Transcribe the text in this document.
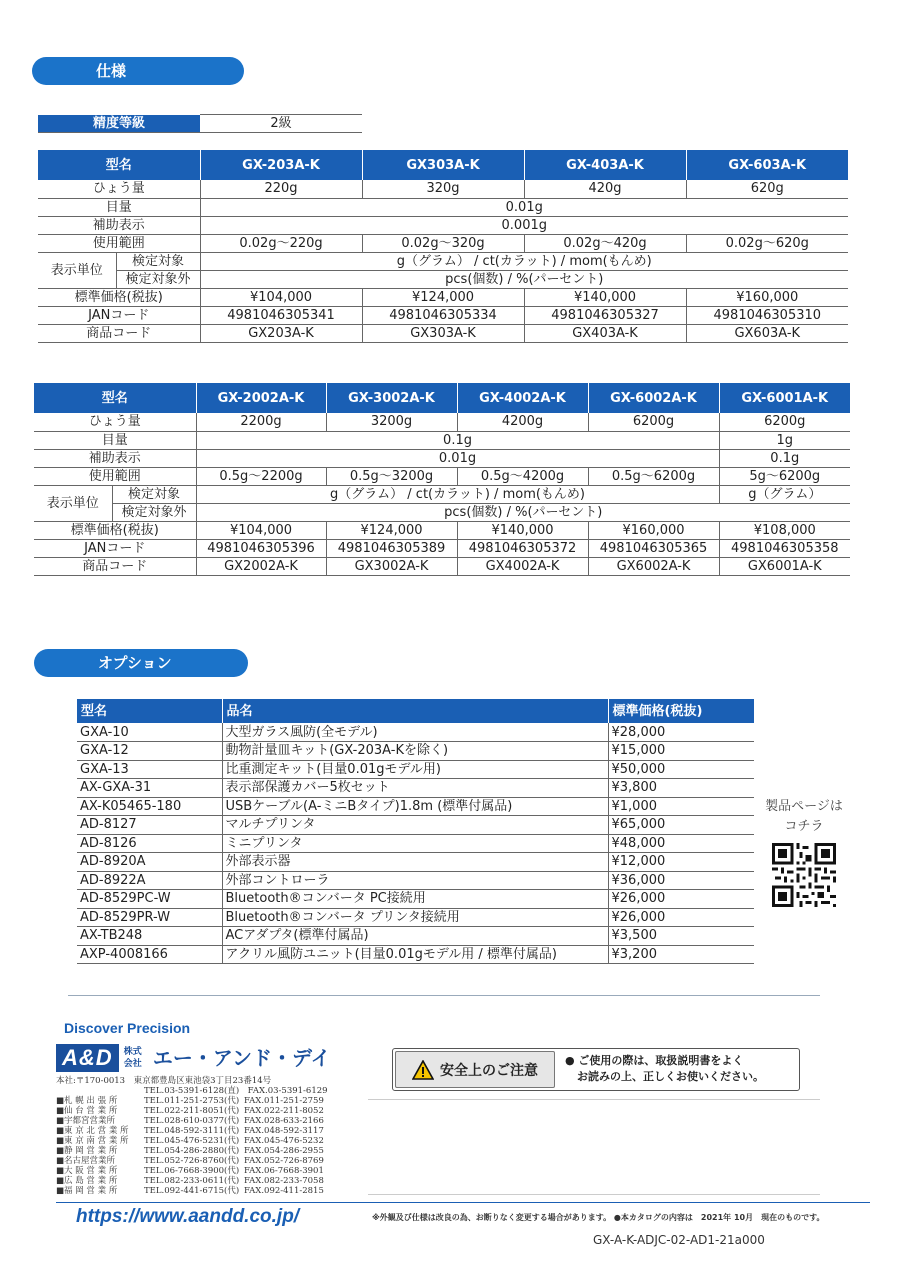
仕様
精度等級	2級
型名		GX-203A-K	GX303A-K	GX-403A-K	GX-603A-K
ひょう量		220g	320g	420g	620g
目量		0.01g			
補助表示		0.001g			
使用範囲		0.02g～220g	0.02g～320g	0.02g～420g	0.02g～620g
表示単位	検定対象	g（グラム） / ct(カラット) / mom(もんめ)			
	検定対象外	pcs(個数) / %(パーセント)			
標準価格(税抜)		¥104,000	¥124,000	¥140,000	¥160,000
JANコード		4981046305341	4981046305334	4981046305327	4981046305310
商品コード		GX203A-K	GX303A-K	GX403A-K	GX603A-K
型名		GX-2002A-K	GX-3002A-K	GX-4002A-K	GX-6002A-K	GX-6001A-K
ひょう量		2200g	3200g	4200g	6200g	6200g
目量		0.1g				1g
補助表示		0.01g				0.1g
使用範囲		0.5g～2200g	0.5g～3200g	0.5g～4200g	0.5g～6200g	5g～6200g
表示単位	検定対象	g（グラム） / ct(カラット) / mom(もんめ)				g（グラム）
	検定対象外	pcs(個数) / %(パーセント)				
標準価格(税抜)		¥104,000	¥124,000	¥140,000	¥160,000	¥108,000
JANコード		4981046305396	4981046305389	4981046305372	4981046305365	4981046305358
商品コード		GX2002A-K	GX3002A-K	GX4002A-K	GX6002A-K	GX6001A-K
オプション
型名	品名	標準価格(税抜)
GXA-10	大型ガラス風防(全モデル)	¥28,000
GXA-12	動物計量皿キット(GX-203A-Kを除く)	¥15,000
GXA-13	比重測定キット(目量0.01gモデル用)	¥50,000
AX-GXA-31	表示部保護カバー5枚セット	¥3,800
AX-K05465-180	USBケーブル(A-ミニBタイプ)1.8m (標準付属品)	¥1,000
AD-8127	マルチプリンタ	¥65,000
AD-8126	ミニプリンタ	¥48,000
AD-8920A	外部表示器	¥12,000
AD-8922A	外部コントローラ	¥36,000
AD-8529PC-W	Bluetooth®コンバータ PC接続用	¥26,000
AD-8529PR-W	Bluetooth®コンバータ プリンタ接続用	¥26,000
AX-TB248	ACアダプタ(標準付属品)	¥3,500
AXP-4008166	アクリル風防ユニット(目量0.01gモデル用 / 標準付属品)	¥3,200
製品ページは
コチラ
Discover Precision
A&D 株式会社 エー・アンド・デイ
本社:〒170-0013　東京都豊島区東池袋3丁目23番14号
TEL.03-5391-6128(直)　FAX.03-5391-6129
■札 幌 出 張 所	TEL.011-251-2753(代) FAX.011-251-2759
■仙 台 営 業 所	TEL.022-211-8051(代) FAX.022-211-8052
■宇都宮営業所	TEL.028-610-0377(代) FAX.028-633-2166
■東 京 北 営 業 所 TEL.048-592-3111(代) FAX.048-592-3117
■東 京 南 営 業 所 TEL.045-476-5231(代) FAX.045-476-5232
■静 岡 営 業 所	TEL.054-286-2880(代) FAX.054-286-2955
■名古屋営業所	TEL.052-726-8760(代) FAX.052-726-8769
■大 阪 営 業 所	TEL.06-7668-3900(代) FAX.06-7668-3901
■広 島 営 業 所	TEL.082-233-0611(代) FAX.082-233-7058
■福 岡 営 業 所	TEL.092-441-6715(代) FAX.092-411-2815
安全上のご注意
● ご使用の際は、取扱説明書をよく
お読みの上、正しくお使いください。
https://www.aandd.co.jp/	※外観及び仕様は改良の為、お断りなく変更する場合があります。 ●本カタログの内容は　2021年 10月　現在のものです。
GX-A-K-ADJC-02-AD1-21a000
